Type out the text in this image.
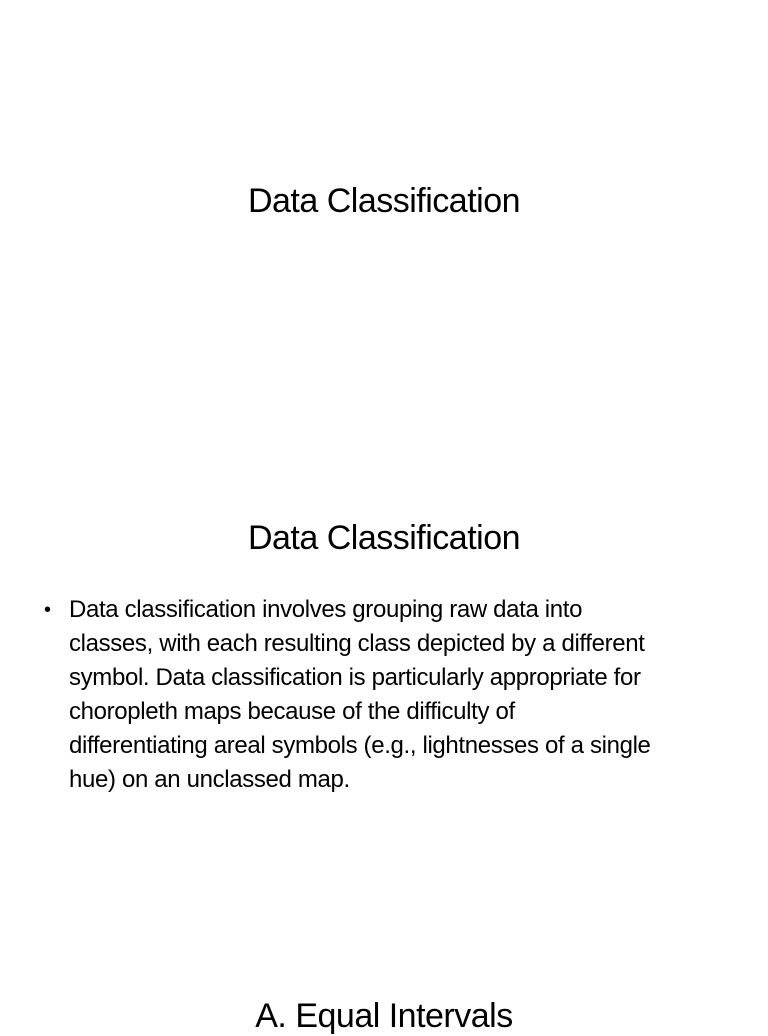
Data Classification
Data Classification
• Data classification involves grouping raw data into
classes, with each resulting class depicted by a different
symbol. Data classification is particularly appropriate for
choropleth maps because of the difficulty of
differentiating areal symbols (e.g., lightnesses of a single
hue) on an unclassed map.
A. Equal Intervals
